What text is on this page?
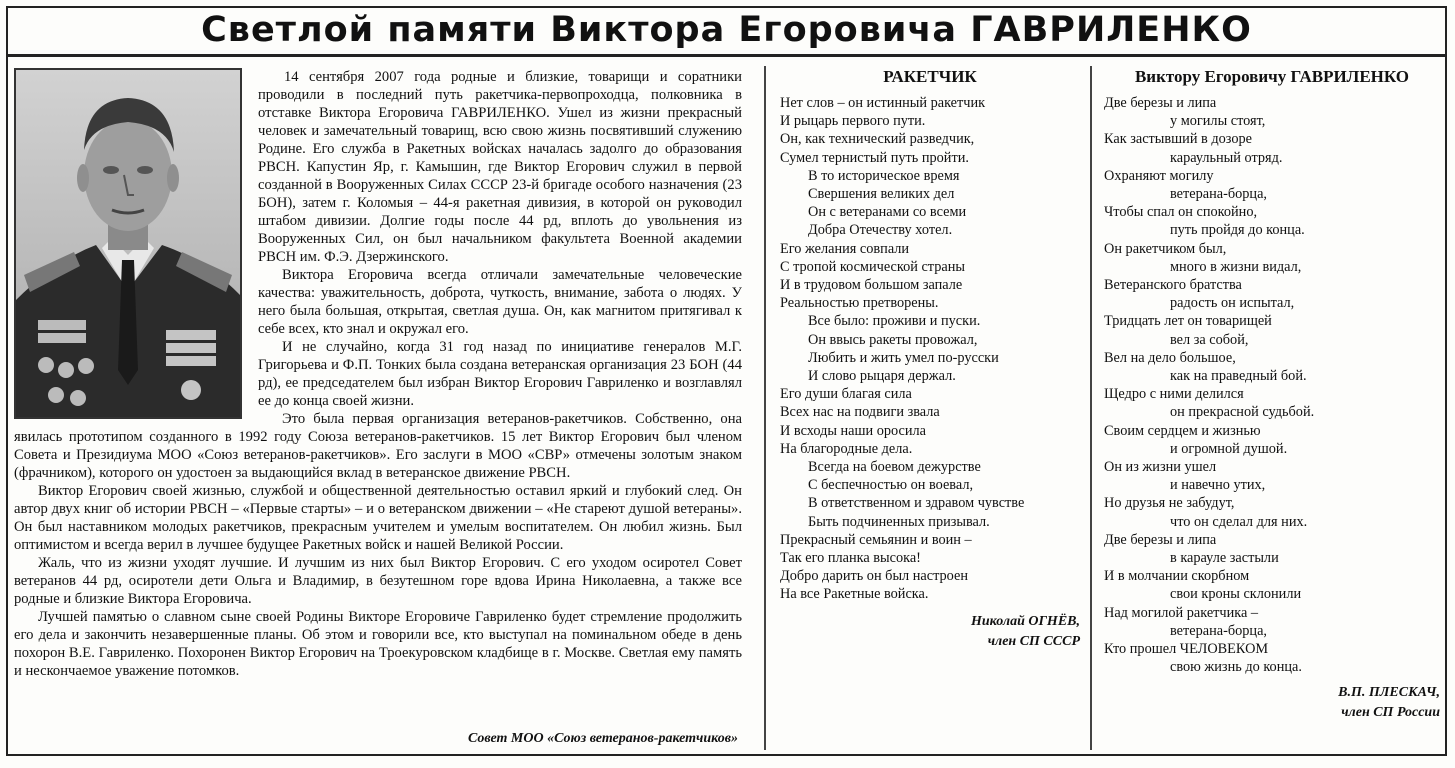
Светлой памяти Виктора Егоровича ГАВРИЛЕНКО

14 сентября 2007 года родные и близкие, товарищи и соратники проводили в последний путь ракетчика-первопроходца, полковника в отставке Виктора Егоровича ГАВРИЛЕНКО. Ушел из жизни прекрасный человек и замечательный товарищ, всю свою жизнь посвятивший служению Родине. Его служба в Ракетных войсках началась задолго до образования РВСН. Капустин Яр, г. Камышин, где Виктор Егорович служил в первой созданной в Вооруженных Силах СССР 23-й бригаде особого назначения (23 БОН), затем г. Коломыя – 44-я ракетная дивизия, в которой он руководил штабом дивизии. Долгие годы после 44 рд, вплоть до увольнения из Вооруженных Сил, он был начальником факультета Военной академии РВСН им. Ф.Э. Дзержинского.

Виктора Егоровича всегда отличали замечательные человеческие качества: уважительность, доброта, чуткость, внимание, забота о людях. У него была большая, открытая, светлая душа. Он, как магнитом притягивал к себе всех, кто знал и окружал его.

И не случайно, когда 31 год назад по инициативе генералов М.Г. Григорьева и Ф.П. Тонких была создана ветеранская организация 23 БОН (44 рд), ее председателем был избран Виктор Егорович Гавриленко и возглавлял ее до конца своей жизни.

Это была первая организация ветеранов-ракетчиков. Собственно, она явилась прототипом созданного в 1992 году Союза ветеранов-ракетчиков. 15 лет Виктор Егорович был членом Совета и Президиума МОО «Союз ветеранов-ракетчиков». Его заслуги в МОО «СВР» отмечены золотым знаком (фрачником), которого он удостоен за выдающийся вклад в ветеранское движение РВСН.

Виктор Егорович своей жизнью, службой и общественной деятельностью оставил яркий и глубокий след. Он автор двух книг об истории РВСН – «Первые старты» – и о ветеранском движении – «Не стареют душой ветераны». Он был наставником молодых ракетчиков, прекрасным учителем и умелым воспитателем. Он любил жизнь. Был оптимистом и всегда верил в лучшее будущее Ракетных войск и нашей Великой России.

Жаль, что из жизни уходят лучшие. И лучшим из них был Виктор Егорович. С его уходом осиротел Совет ветеранов 44 рд, осиротели дети Ольга и Владимир, в безутешном горе вдова Ирина Николаевна, а также все родные и близкие Виктора Егоровича.

Лучшей памятью о славном сыне своей Родины Викторе Егоровиче Гавриленко будет стремление продолжить его дела и закончить незавершенные планы. Об этом и говорили все, кто выступал на поминальном обеде в день похорон В.Е. Гавриленко. Похоронен Виктор Егорович на Троекуровском кладбище в г. Москве. Светлая ему память и нескончаемое уважение потомков.

Совет МОО «Союз ветеранов-ракетчиков»
РАКЕТЧИК
Нет слов – он истинный ракетчик
И рыцарь первого пути.
Он, как технический разведчик,
Сумел тернистый путь пройти.
В то историческое время
Свершения великих дел
Он с ветеранами со всеми
Добра Отечеству хотел.
Его желания совпали
С тропой космической страны
И в трудовом большом запале
Реальностью претворены.
Все было: проживи и пуски.
Он ввысь ракеты провожал,
Любить и жить умел по-русски
И слово рыцаря держал.
Его души благая сила
Всех нас на подвиги звала
И всходы наши оросила
На благородные дела.
Всегда на боевом дежурстве
С беспечностью он воевал,
В ответственном и здравом чувстве
Быть подчиненных призывал.
Прекрасный семьянин и воин –
Так его планка высока!
Добро дарить он был настроен
На все Ракетные войска.
Николай ОГНЁВ,
член СП СССР
Виктору Егоровичу ГАВРИЛЕНКО
Две березы и липа
у могилы стоят,
Как застывший в дозоре
караульный отряд.
Охраняют могилу
ветерана-борца,
Чтобы спал он спокойно,
путь пройдя до конца.
Он ракетчиком был,
много в жизни видал,
Ветеранского братства
радость он испытал,
Тридцать лет он товарищей
вел за собой,
Вел на дело большое,
как на праведный бой.
Щедро с ними делился
он прекрасной судьбой.
Своим сердцем и жизнью
и огромной душой.
Он из жизни ушел
и навечно утих,
Но друзья не забудут,
что он сделал для них.
Две березы и липа
в карауле застыли
И в молчании скорбном
свои кроны склонили
Над могилой ракетчика –
ветерана-борца,
Кто прошел ЧЕЛОВЕКОМ
свою жизнь до конца.
В.П. ПЛЕСКАЧ,
член СП России
